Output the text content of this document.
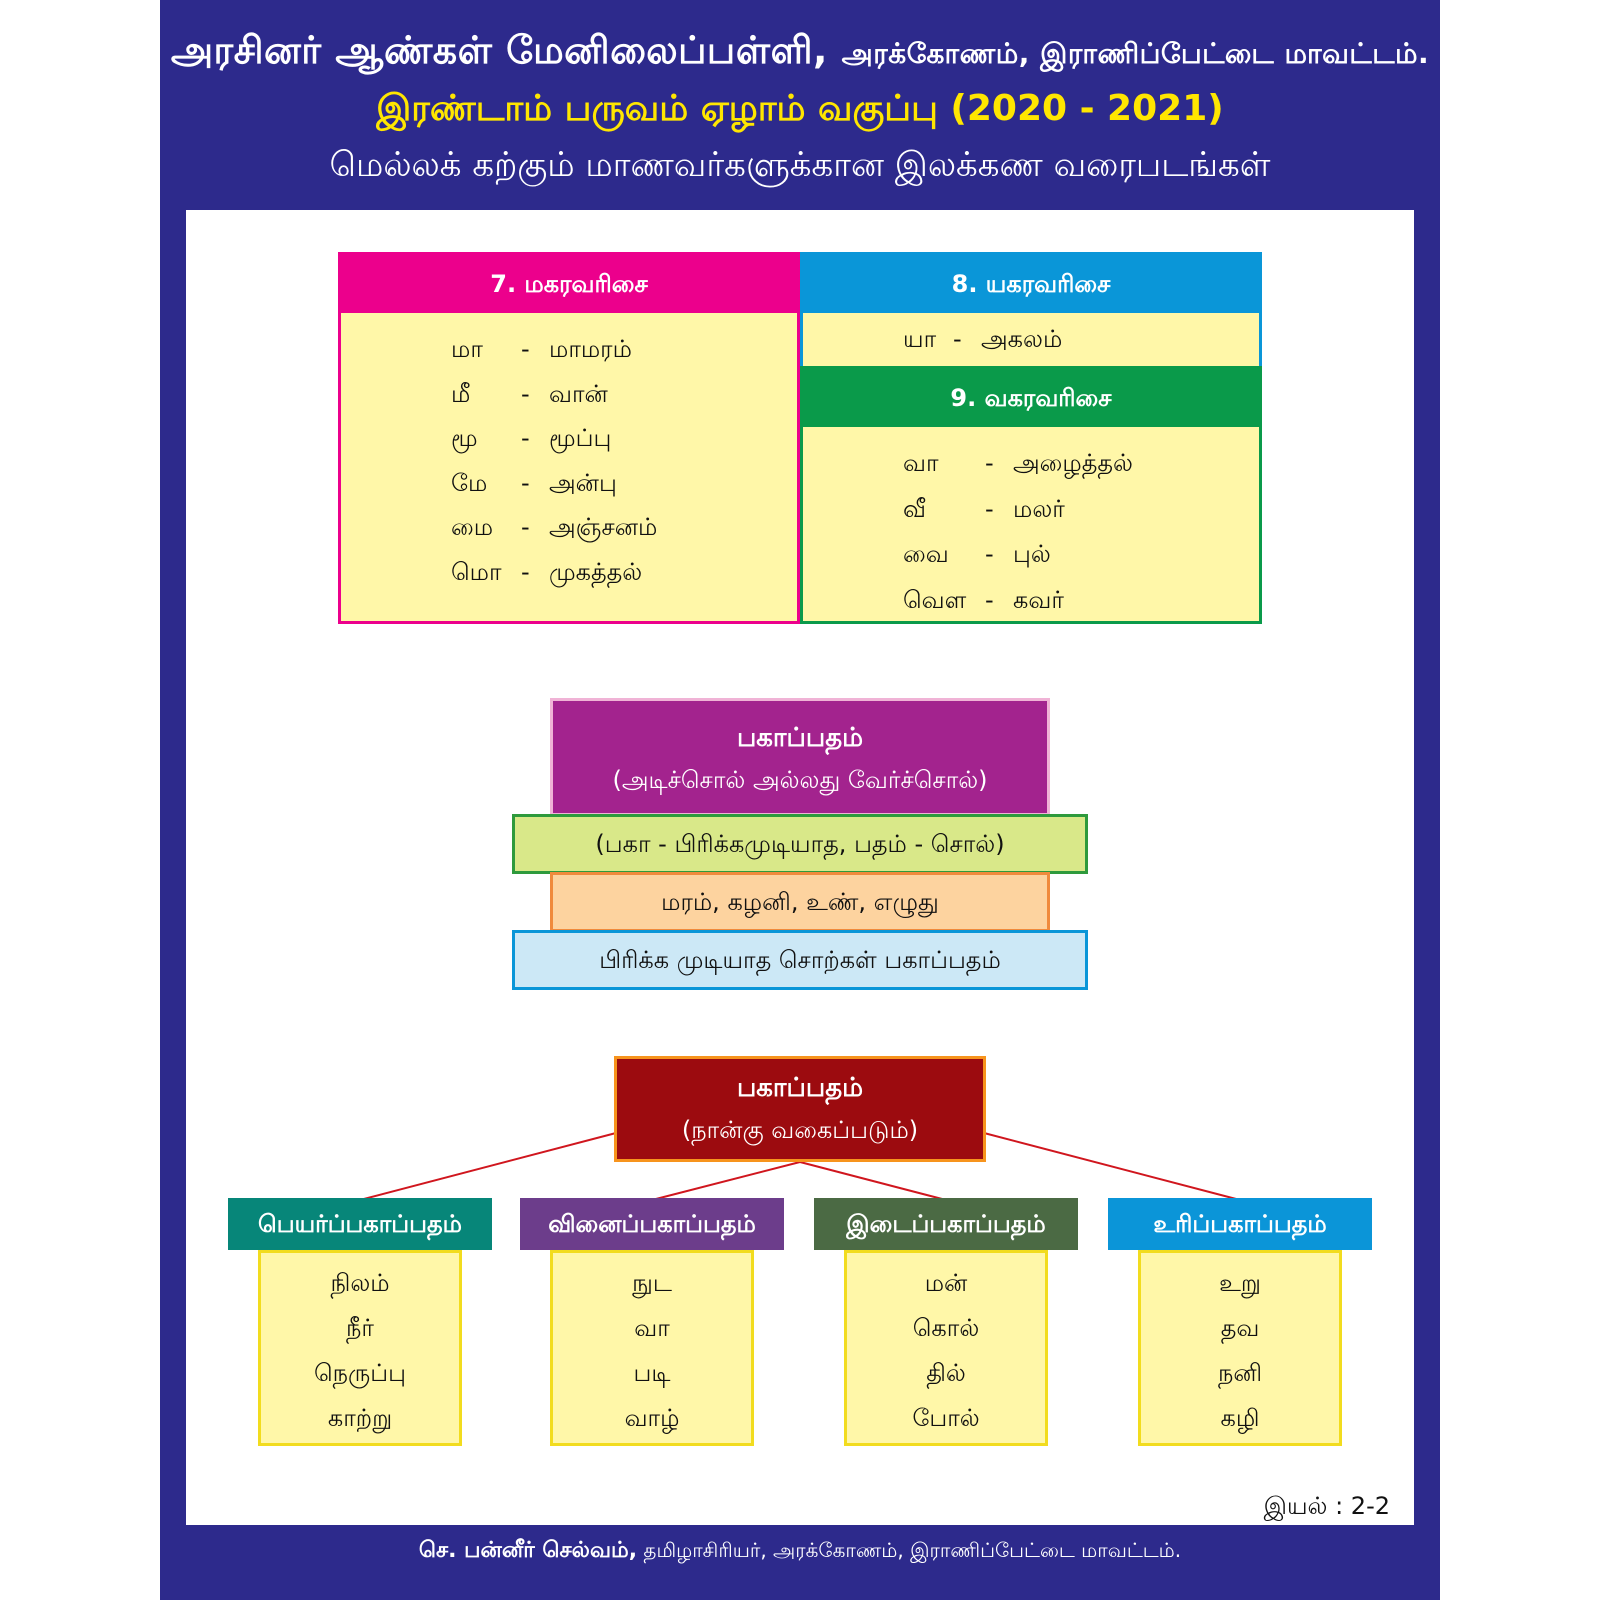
அரசினர் ஆண்கள் மேனிலைப்பள்ளி, அரக்கோணம், இராணிப்பேட்டை மாவட்டம்.
இரண்டாம் பருவம் ஏழாம் வகுப்பு (2020 - 2021)
மெல்லக் கற்கும் மாணவர்களுக்கான இலக்கண வரைபடங்கள்
7. மகரவரிசை
மா - மாமரம்
மீ - வான்
மூ - மூப்பு
மே - அன்பு
மை - அஞ்சனம்
மொ - முகத்தல்
8. யகரவரிசை
யா - அகலம்
9. வகரவரிசை
வா - அழைத்தல்
வீ - மலர்
வை - புல்
வௌ - கவர்
பகாப்பதம்
(அடிச்சொல் அல்லது வேர்ச்சொல்)
(பகா - பிரிக்கமுடியாத, பதம் - சொல்)
மரம், கழனி, உண், எழுது
பிரிக்க முடியாத சொற்கள் பகாப்பதம்
பகாப்பதம்
(நான்கு வகைப்படும்)
பெயர்ப்பகாப்பதம்
நிலம்
நீர்
நெருப்பு
காற்று
வினைப்பகாப்பதம்
நுட
வா
படி
வாழ்
இடைப்பகாப்பதம்
மன்
கொல்
தில்
போல்
உரிப்பகாப்பதம்
உறு
தவ
நனி
கழி
இயல் : 2-2
செ. பன்னீர் செல்வம், தமிழாசிரியர், அரக்கோணம், இராணிப்பேட்டை மாவட்டம்.
